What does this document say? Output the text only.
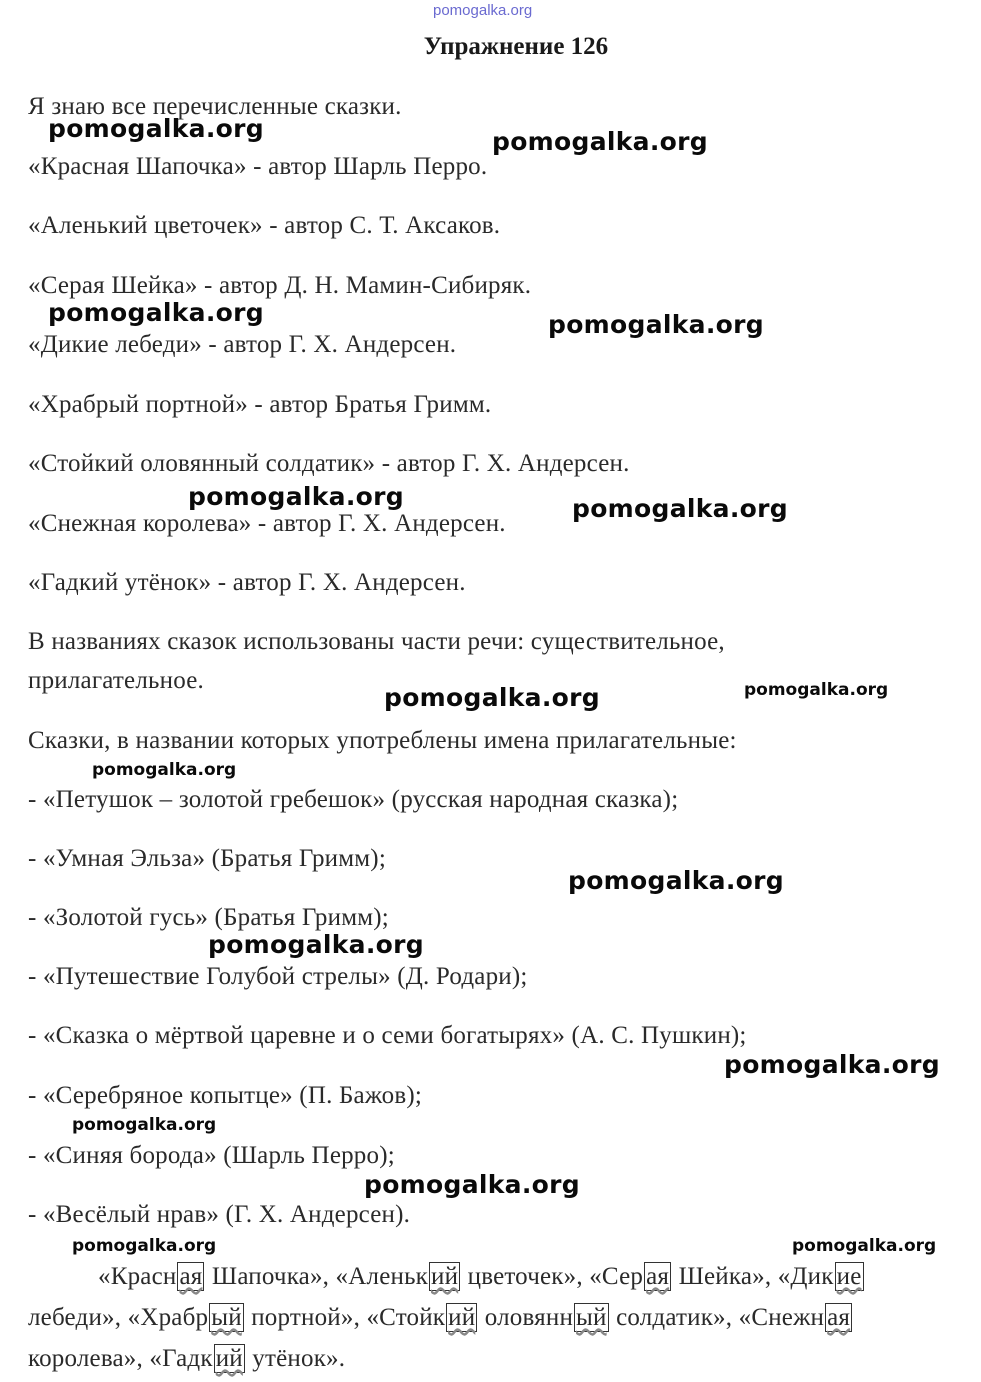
pomogalka.org
Упражнение 126
Я знаю все перечисленные сказки.
«Красная Шапочка» - автор Шарль Перро.
«Аленький цветочек» - автор С. Т. Аксаков.
«Серая Шейка» - автор Д. Н. Мамин-Сибиряк.
«Дикие лебеди» - автор Г. Х. Андерсен.
«Храбрый портной» - автор Братья Гримм.
«Стойкий оловянный солдатик» - автор Г. Х. Андерсен.
«Снежная королева» - автор Г. Х. Андерсен.
«Гадкий утёнок» - автор Г. Х. Андерсен.
В названиях сказок использованы части речи: существительное,
прилагательное.
Сказки, в названии которых употреблены имена прилагательные:
- «Петушок – золотой гребешок» (русская народная сказка);
- «Умная Эльза» (Братья Гримм);
- «Золотой гусь» (Братья Гримм);
- «Путешествие Голубой стрелы» (Д. Родари);
- «Сказка о мёртвой царевне и о семи богатырях» (А. С. Пушкин);
- «Серебряное копытце» (П. Бажов);
- «Синяя борода» (Шарль Перро);
- «Весёлый нрав» (Г. Х. Андерсен).
«Красн ая Шапочка», «Аленьк ий цветочек», «Сер ая Шейка», «Дик ие
лебеди», «Храбр ый портной», «Стойк ий оловянн ый солдатик», «Снежн ая
королева», «Гадк ий утёнок».
pomogalka.org	pomogalka.org
pomogalka.org	pomogalka.org
pomogalka.org	pomogalka.org
pomogalka.org	pomogalka.org
pomogalka.org
pomogalka.org
pomogalka.org
pomogalka.org
pomogalka.org
pomogalka.org
pomogalka.org	pomogalka.org
